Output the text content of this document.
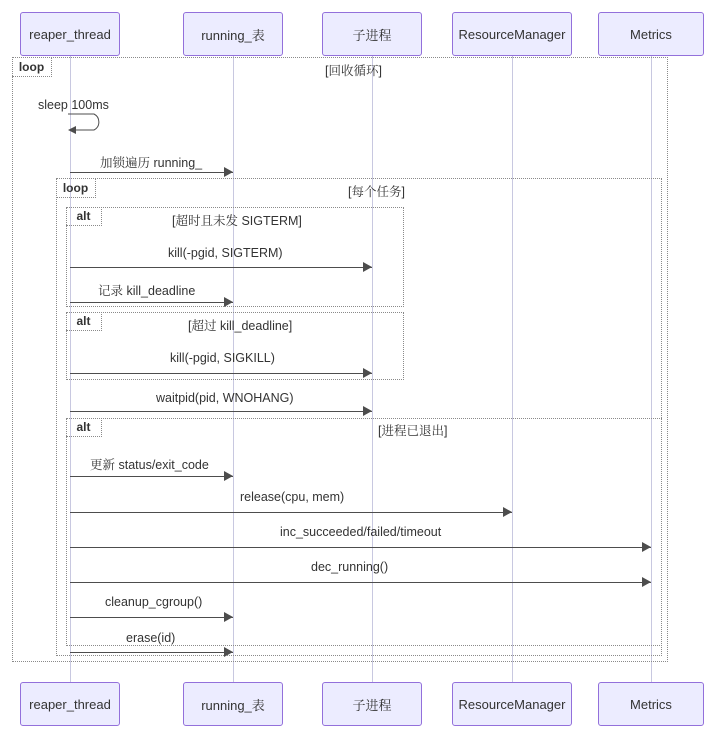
reaper_thread	running_表	子进程	ResourceManager	Metrics
loop	[回收循环]
sleep 100ms
加锁遍历 running_
loop	[每个任务]
alt	[超时且未发 SIGTERM]
kill(-pgid, SIGTERM)
记录 kill_deadline
alt	[超过 kill_deadline]
kill(-pgid, SIGKILL)
waitpid(pid, WNOHANG)
alt	[进程已退出]
更新 status/exit_code
release(cpu, mem)
inc_succeeded/failed/timeout
dec_running()
cleanup_cgroup()
erase(id)
reaper_thread	running_表	子进程	ResourceManager	Metrics
